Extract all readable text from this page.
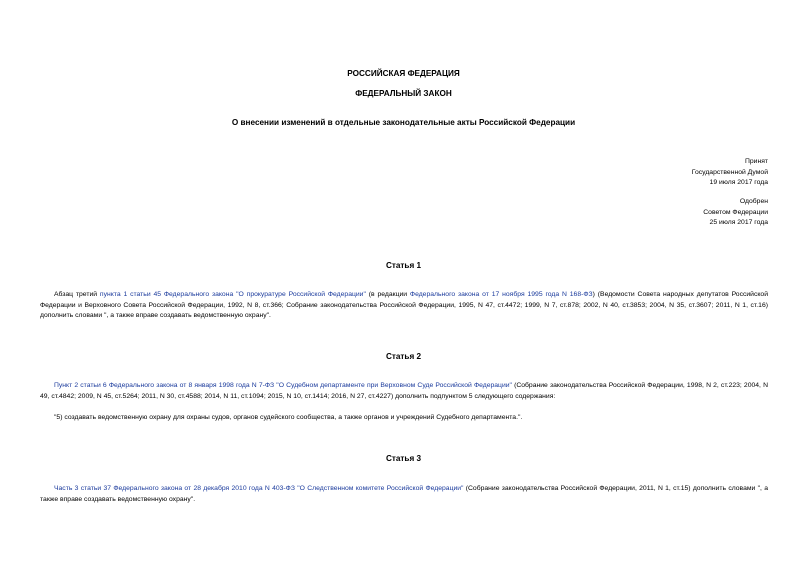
РОССИЙСКАЯ ФЕДЕРАЦИЯ
ФЕДЕРАЛЬНЫЙ ЗАКОН
О внесении изменений в отдельные законодательные акты Российской Федерации
Принят
Государственной Думой
19 июля 2017 года
Одобрен
Советом Федерации
25 июля 2017 года
Статья 1
Абзац третий пункта 1 статьи 45 Федерального закона "О прокуратуре Российской Федерации" (в редакции Федерального закона от 17 ноября 1995 года N 168-ФЗ) (Ведомости Совета народных депутатов Российской Федерации и Верховного Совета Российской Федерации, 1992, N 8, ст.366; Собрание законодательства Российской Федерации, 1995, N 47, ст.4472; 1999, N 7, ст.878; 2002, N 40, ст.3853; 2004, N 35, ст.3607; 2011, N 1, ст.16) дополнить словами ", а также вправе создавать ведомственную охрану".
Статья 2
Пункт 2 статьи 6 Федерального закона от 8 января 1998 года N 7-ФЗ "О Судебном департаменте при Верховном Суде Российской Федерации" (Собрание законодательства Российской Федерации, 1998, N 2, ст.223; 2004, N 49, ст.4842; 2009, N 45, ст.5264; 2011, N 30, ст.4588; 2014, N 11, ст.1094; 2015, N 10, ст.1414; 2016, N 27, ст.4227) дополнить подпунктом 5 следующего содержания:
"5) создавать ведомственную охрану для охраны судов, органов судейского сообщества, а также органов и учреждений Судебного департамента.".
Статья 3
Часть 3 статьи 37 Федерального закона от 28 декабря 2010 года N 403-ФЗ "О Следственном комитете Российской Федерации" (Собрание законодательства Российской Федерации, 2011, N 1, ст.15) дополнить словами ", а также вправе создавать ведомственную охрану".
